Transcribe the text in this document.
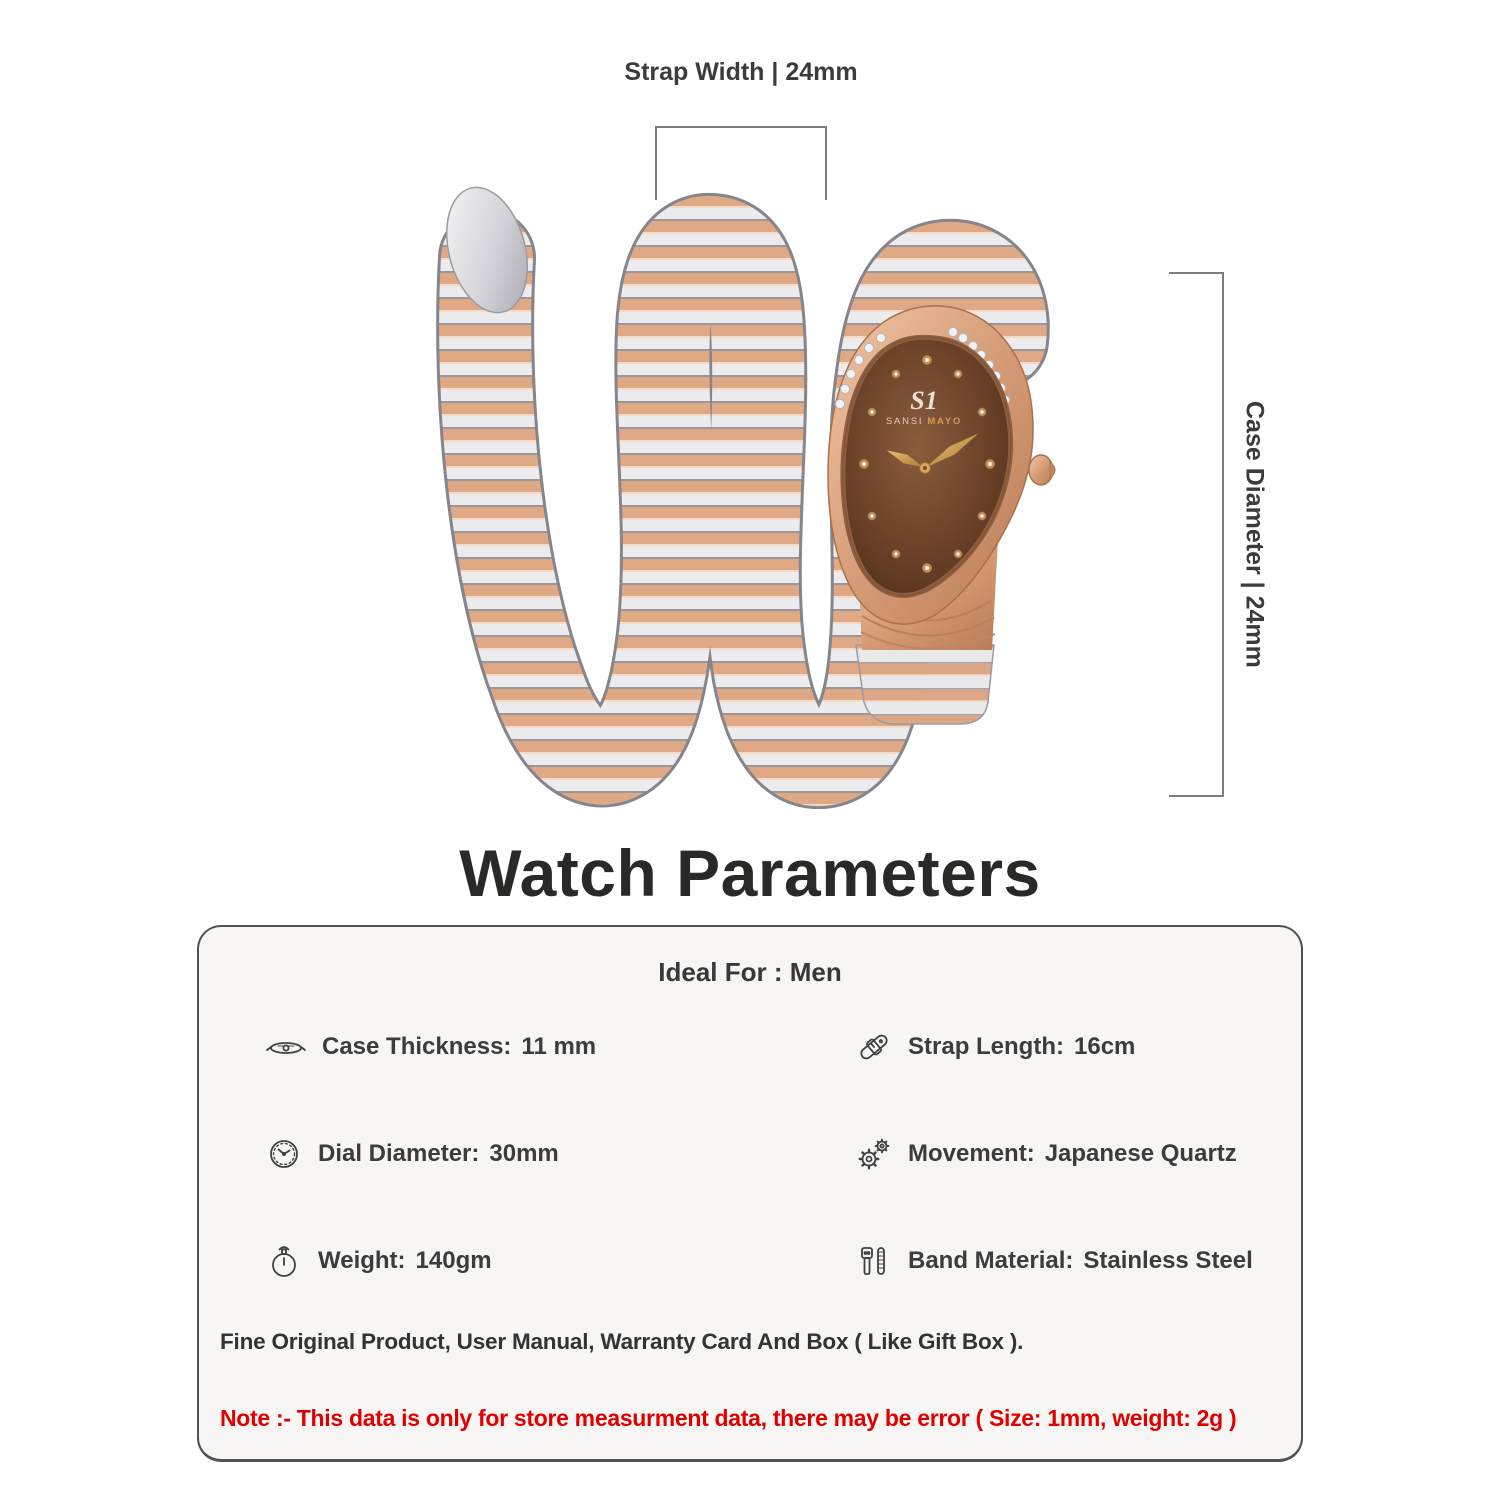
Strap Width | 24mm
Case Diameter | 24mm
S1
SANSI MAYO
Watch Parameters
Ideal For : Men
Case Thickness: 11 mm	Strap Length: 16cm
Dial Diameter: 30mm	Movement: Japanese Quartz
Weight: 140gm	Band Material: Stainless Steel
Fine Original Product, User Manual, Warranty Card And Box ( Like Gift Box ).
Note :- This data is only for store measurment data, there may be error ( Size: 1mm, weight: 2g )
